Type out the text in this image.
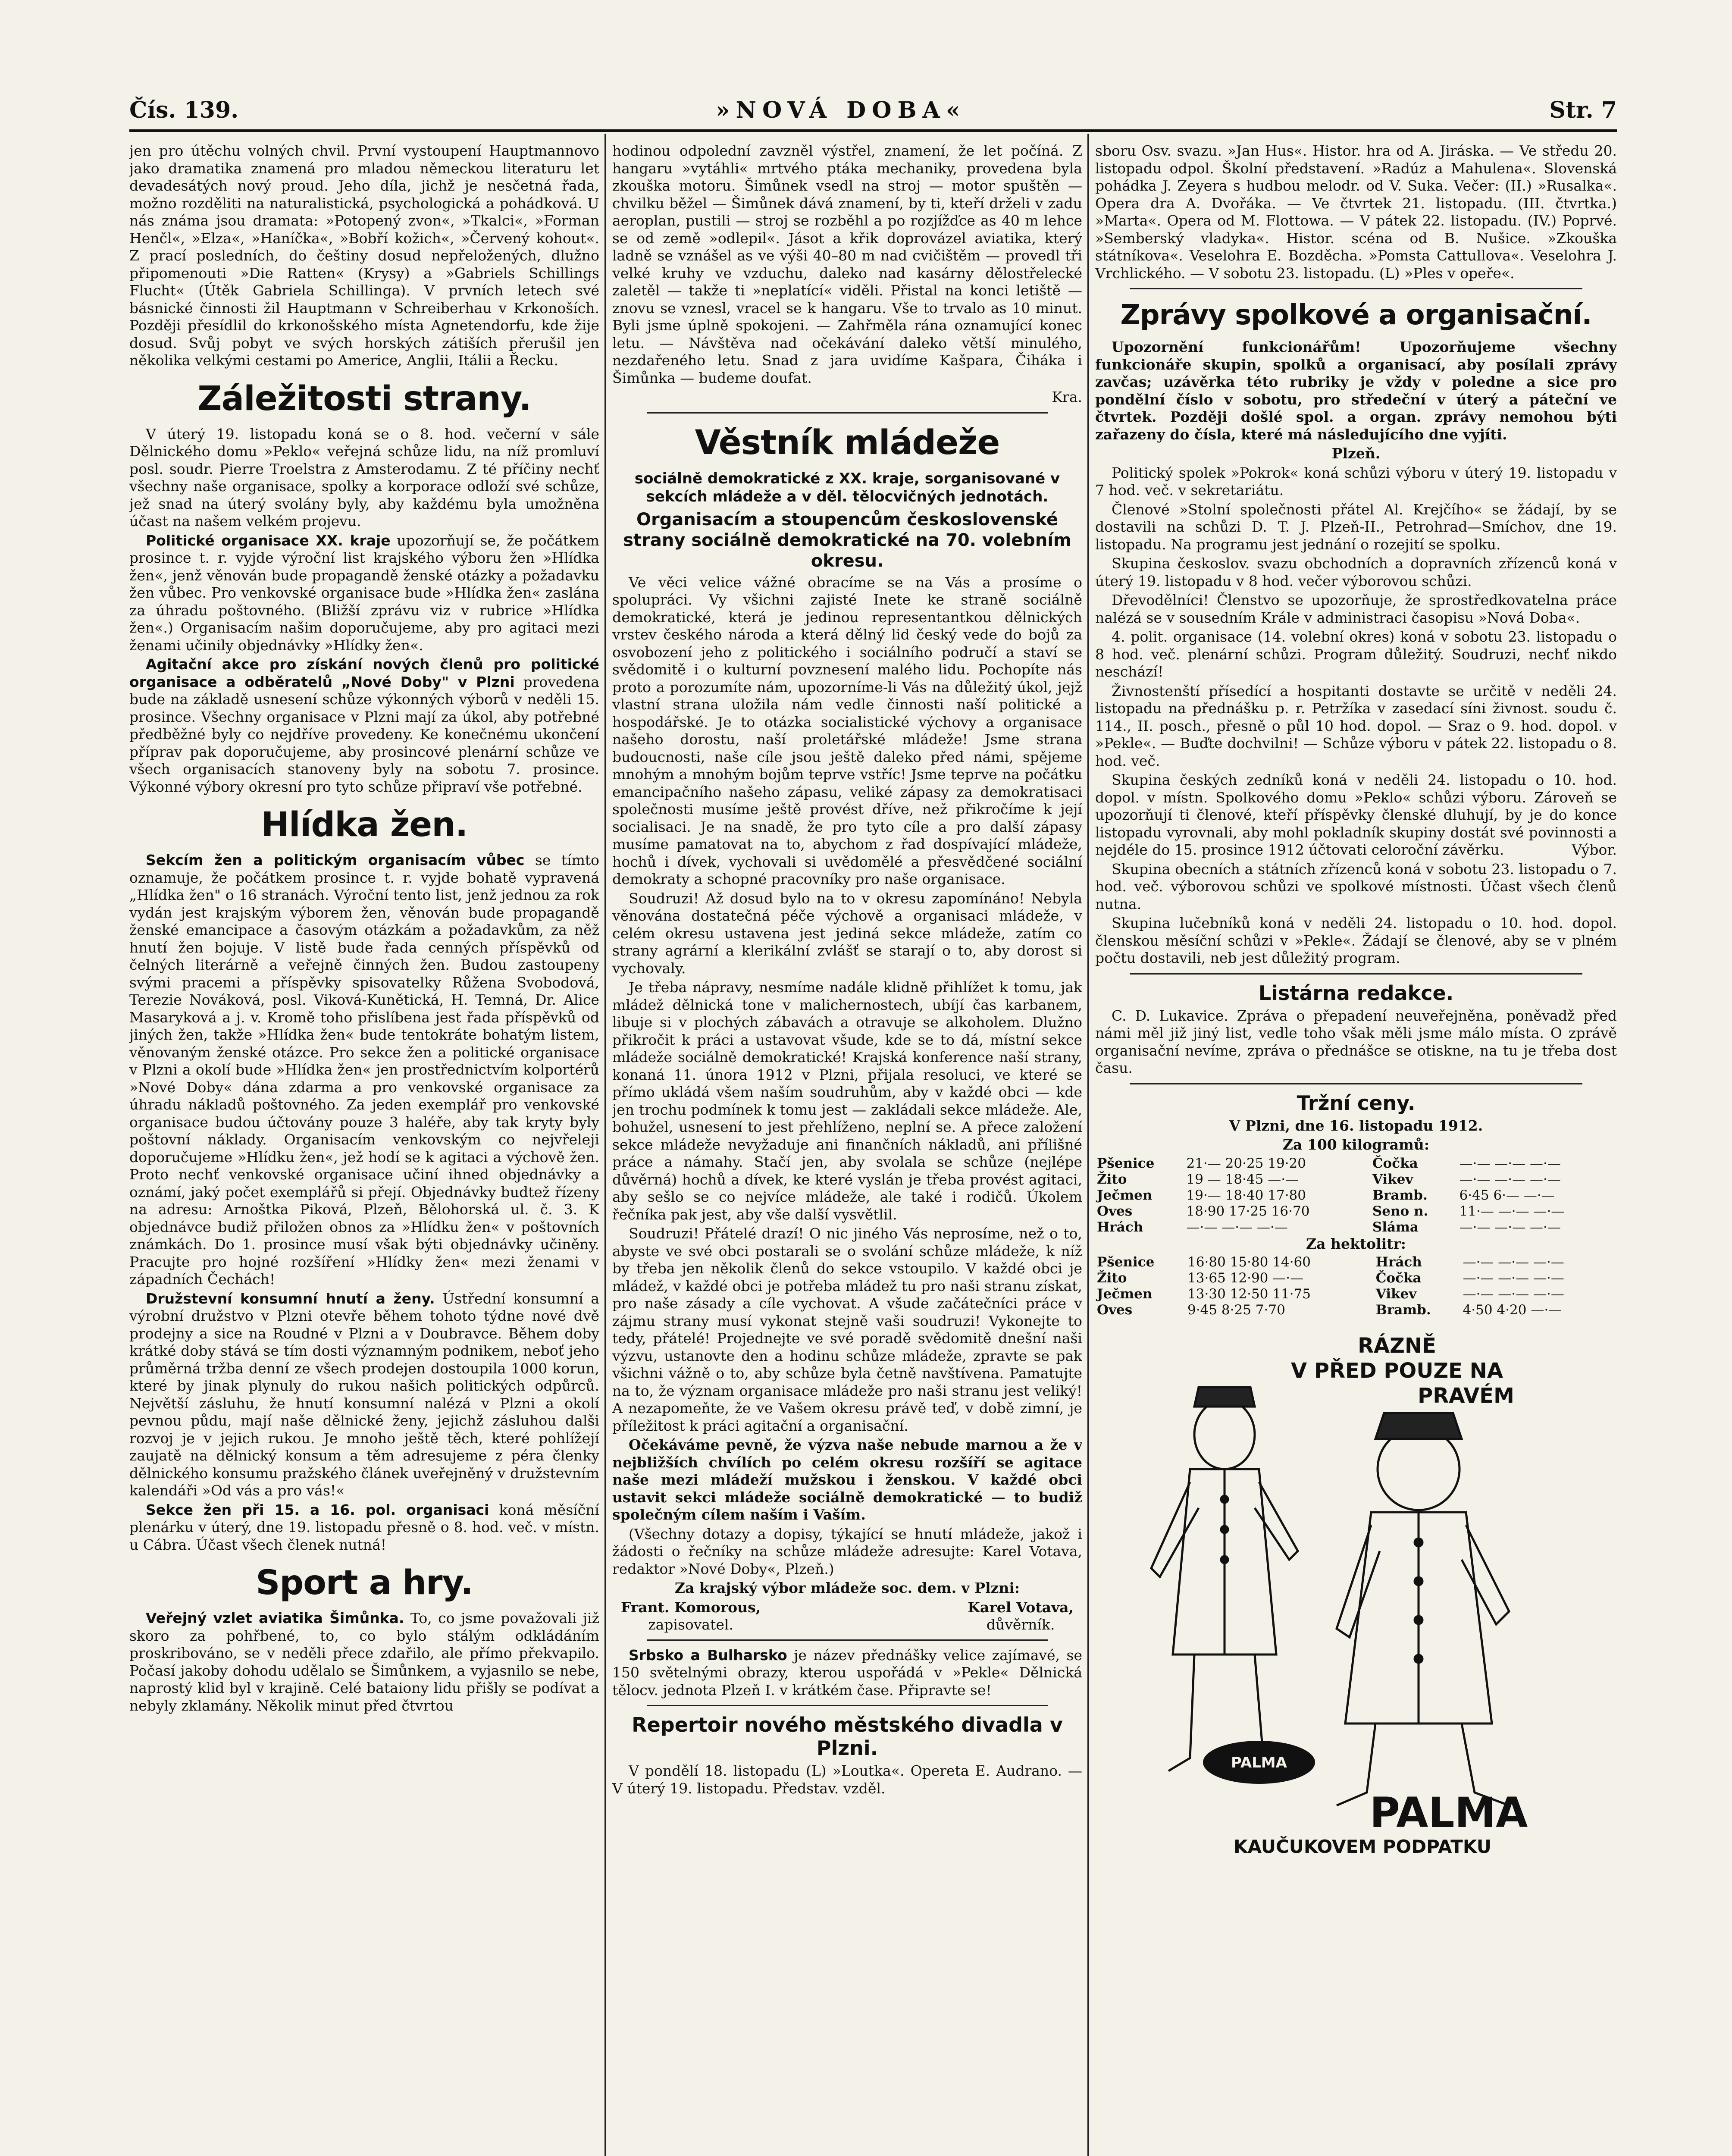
Čís. 139.	»NOVÁ DOBA«	Str. 7

jen pro útěchu volných chvil. První vystoupení Hauptmannovo jako dramatika znamená pro mladou německou literaturu let devadesátých nový proud. Jeho díla, jichž je nesčetná řada, možno rozděliti na naturalistická, psychologická a pohádková. U nás známa jsou dramata: »Potopený zvon«, »Tkalci«, »Forman Henčl«, »Elza«, »Haníčka«, »Bobří kožich«, »Červený kohout«. Z prací posledních, do češtiny dosud nepřeložených, dlužno připomenouti »Die Ratten« (Krysy) a »Gabriels Schillings Flucht« (Útěk Gabriela Schillinga). V prvních letech své básnické činnosti žil Hauptmann v Schreiberhau v Krkonoších. Později přesídlil do krkonošského místa Agnetendorfu, kde žije dosud. Svůj pobyt ve svých horských zátiších přerušil jen několika velkými cestami po Americe, Anglii, Itálii a Řecku.

Záležitosti strany.

V úterý 19. listopadu koná se o 8. hod. večerní v sále Dělnického domu »Peklo« veřejná schůze lidu, na níž promluví posl. soudr. Pierre Troelstra z Amsterodamu. Z té příčiny nechť všechny naše organisace, spolky a korporace odloží své schůze, jež snad na úterý svolány byly, aby každému byla umožněna účast na našem velkém projevu.

Politické organisace XX. kraje upozorňují se, že počátkem prosince t. r. vyjde výroční list krajského výboru žen »Hlídka žen«, jenž věnován bude propagandě ženské otázky a požadavku žen vůbec. Pro venkovské organisace bude »Hlídka žen« zaslána za úhradu poštovného. (Bližší zprávu viz v rubrice »Hlídka žen«.) Organisacím našim doporučujeme, aby pro agitaci mezi ženami učinily objednávky »Hlídky žen«.

Agitační akce pro získání nových členů pro politické organisace a odběratelů „Nové Doby" v Plzni provedena bude na základě usnesení schůze výkonných výborů v neděli 15. prosince. Všechny organisace v Plzni mají za úkol, aby potřebné předběžné byly co nejdříve provedeny. Ke konečnému ukončení příprav pak doporučujeme, aby prosincové plenární schůze ve všech organisacích stanoveny byly na sobotu 7. prosince. Výkonné výbory okresní pro tyto schůze připraví vše potřebné.

Hlídka žen.

Sekcím žen a politickým organisacím vůbec se tímto oznamuje, že počátkem prosince t. r. vyjde bohatě vypravená „Hlídka žen" o 16 stranách. Výroční tento list, jenž jednou za rok vydán jest krajským výborem žen, věnován bude propagandě ženské emancipace a časovým otázkám a požadavkům, za něž hnutí žen bojuje. V listě bude řada cenných příspěvků od čelných literárně a veřejně činných žen. Budou zastoupeny svými pracemi a příspěvky spisovatelky Růžena Svobodová, Terezie Nováková, posl. Viková-Kunětická, H. Temná, Dr. Alice Masaryková a j. v. Kromě toho přislíbena jest řada příspěvků od jiných žen, takže »Hlídka žen« bude tentokráte bohatým listem, věnovaným ženské otázce. Pro sekce žen a politické organisace v Plzni a okolí bude »Hlídka žen« jen prostřednictvím kolportérů »Nové Doby« dána zdarma a pro venkovské organisace za úhradu nákladů poštovného. Za jeden exemplář pro venkovské organisace budou účtovány pouze 3 haléře, aby tak kryty byly poštovní náklady. Organisacím venkovským co nejvřeleji doporučujeme »Hlídku žen«, jež hodí se k agitaci a výchově žen. Proto nechť venkovské organisace učiní ihned objednávky a oznámí, jaký počet exemplářů si přejí. Objednávky budtež řízeny na adresu: Arnoštka Piková, Plzeň, Bělohorská ul. č. 3. K objednávce budiž přiložen obnos za »Hlídku žen« v poštovních známkách. Do 1. prosince musí však býti objednávky učiněny. Pracujte pro hojné rozšíření »Hlídky žen« mezi ženami v západních Čechách!

Družstevní konsumní hnutí a ženy. Ústřední konsumní a výrobní družstvo v Plzni otevře během tohoto týdne nové dvě prodejny a sice na Roudné v Plzni a v Doubravce. Během doby krátké doby stává se tím dosti významným podnikem, neboť jeho průměrná tržba denní ze všech prodejen dostoupila 1000 korun, které by jinak plynuly do rukou našich politických odpůrců. Největší zásluhu, že hnutí konsumní nalézá v Plzni a okolí pevnou půdu, mají naše dělnické ženy, jejichž zásluhou dalši rozvoj je v jejich rukou. Je mnoho ještě těch, které pohlížejí zaujatě na dělnický konsum a těm adresujeme z péra členky dělnického konsumu pražského článek uveřejněný v družstevním kalendáři »Od vás a pro vás!«

Sekce žen při 15. a 16. pol. organisaci koná měsíční plenárku v úterý, dne 19. listopadu přesně o 8. hod. več. v místn. u Cábra. Účast všech členek nutná!

Sport a hry.

Veřejný vzlet aviatika Šimůnka. To, co jsme považovali již skoro za pohřbené, to, co bylo stálým odkládáním proskribováno, se v neděli přece zdařilo, ale přímo překvapilo. Počasí jakoby dohodu udělalo se Šimůnkem, a vyjasnilo se nebe, naprostý klid byl v krajině. Celé bataiony lidu přišly se podívat a nebyly zklamány. Několik minut před čtvrtou

hodinou odpolední zavzněl výstřel, znamení, že let počíná. Z hangaru »vytáhli« mrtvého ptáka mechaniky, provedena byla zkouška motoru. Šimůnek vsedl na stroj — motor spuštěn — chvilku běžel — Šimůnek dává znamení, by ti, kteří drželi v zadu aeroplan, pustili — stroj se rozběhl a po rozjížďce as 40 m lehce se od země »odlepil«. Jásot a křik doprovázel aviatika, který ladně se vznášel as ve výši 40–80 m nad cvičištěm — provedl tři velké kruhy ve vzduchu, daleko nad kasárny dělostřelecké zaletěl — takže ti »neplatící« viděli. Přistal na konci letiště — znovu se vznesl, vracel se k hangaru. Vše to trvalo as 10 minut. Byli jsme úplně spokojeni. — Zahřměla rána oznamující konec letu. — Návštěva nad očekávání daleko větší minulého, nezdařeného letu. Snad z jara uvidíme Kašpara, Čiháka i Šimůnka — budeme doufat.

Kra.

Věstník mládeže
sociálně demokratické z XX. kraje, sorganisované v sekcích mládeže a v děl. tělocvičných jednotách.
Organisacím a stoupencům československé strany sociálně demokratické na 70. volebním okresu.

Ve věci velice vážné obracíme se na Vás a prosíme o spolupráci. Vy všichni zajisté Inete ke straně sociálně demokratické, která je jedinou representantkou dělnických vrstev českého národa a která dělný lid český vede do bojů za osvobození jeho z politického i sociálního područí a staví se svědomitě i o kulturní povznesení malého lidu. Pochopíte nás proto a porozumíte nám, upozorníme-li Vás na důležitý úkol, jejž vlastní strana uložila nám vedle činnosti naší politické a hospodářské. Je to otázka socialistické výchovy a organisace našeho dorostu, naší proletářské mládeže! Jsme strana budoucnosti, naše cíle jsou ještě daleko před námi, spějeme mnohým a mnohým bojům teprve vstříc! Jsme teprve na počátku emancipačního našeho zápasu, veliké zápasy za demokratisaci společnosti musíme ještě provést dříve, než přikročíme k její socialisaci. Je na snadě, že pro tyto cíle a pro další zápasy musíme pamatovat na to, abychom z řad dospívající mládeže, hochů i dívek, vychovali si uvědomělé a přesvědčené sociální demokraty a schopné pracovníky pro naše organisace.

Soudruzi! Až dosud bylo na to v okresu zapomínáno! Nebyla věnována dostatečná péče výchově a organisaci mládeže, v celém okresu ustavena jest jediná sekce mládeže, zatím co strany agrární a klerikální zvlášť se starají o to, aby dorost si vychovaly.

Je třeba nápravy, nesmíme nadále klidně přihlížet k tomu, jak mládež dělnická tone v malichernostech, ubíjí čas karbanem, libuje si v plochých zábavách a otravuje se alkoholem. Dlužno přikročit k práci a ustavovat všude, kde se to dá, místní sekce mládeže sociálně demokratické! Krajská konference naší strany, konaná 11. února 1912 v Plzni, přijala resoluci, ve které se přímo ukládá všem naším soudruhům, aby v každé obci — kde jen trochu podmínek k tomu jest — zakládali sekce mládeže. Ale, bohužel, usnesení to jest přehlíženo, neplní se. A přece založení sekce mládeže nevyžaduje ani finančních nákladů, ani přílišné práce a námahy. Stačí jen, aby svolala se schůze (nejlépe důvěrná) hochů a dívek, ke které vyslán je třeba provést agitaci, aby sešlo se co nejvíce mládeže, ale také i rodičů. Úkolem řečníka pak jest, aby vše další vysvětlil.

Soudruzi! Přátelé drazí! O nic jiného Vás neprosíme, než o to, abyste ve své obci postarali se o svolání schůze mládeže, k níž by třeba jen několik členů do sekce vstoupilo. V každé obci je mládež, v každé obci je potřeba mládež tu pro naši stranu získat, pro naše zásady a cíle vychovat. A všude začátečníci práce v zájmu strany musí vykonat stejně vaši soudruzi! Vykonejte to tedy, přátelé! Projednejte ve své poradě svědomitě dnešní naši výzvu, ustanovte den a hodinu schůze mládeže, zpravte se pak všichni vážně o to, aby schůze byla četně navštívena. Pamatujte na to, že význam organisace mládeže pro naši stranu jest veliký! A nezapomeňte, že ve Vašem okresu právě teď, v době zimní, je příležitost k práci agitační a organisační.

Očekáváme pevně, že výzva naše nebude marnou a že v nejbližších chvílích po celém okresu rozšíří se agitace naše mezi mládeží mužskou i ženskou. V každé obci ustavit sekci mládeže sociálně demokratické — to budiž společným cílem naším i Vaším.

(Všechny dotazy a dopisy, týkající se hnutí mládeže, jakož i žádosti o řečníky na schůze mládeže adresujte: Karel Votava, redaktor »Nové Doby«, Plzeň.)

Za krajský výbor mládeže soc. dem. v Plzni:

Frant. Komorous,
zapisovatel.
Karel Votava,
důvěrník.

Srbsko a Bulharsko je název přednášky velice zajímavé, se 150 světelnými obrazy, kterou uspořádá v »Pekle« Dělnická tělocv. jednota Plzeň I. v krátkém čase. Připravte se!

Repertoir nového městského divadla v Plzni.

V pondělí 18. listopadu (L) »Loutka«. Opereta E. Audrano. — V úterý 19. listopadu. Představ. vzděl.

sboru Osv. svazu. »Jan Hus«. Histor. hra od A. Jiráska. — Ve středu 20. listopadu odpol. Školní představení. »Radúz a Mahulena«. Slovenská pohádka J. Zeyera s hudbou melodr. od V. Suka. Večer: (II.) »Rusalka«. Opera dra A. Dvořáka. — Ve čtvrtek 21. listopadu. (III. čtvrtka.) »Marta«. Opera od M. Flottowa. — V pátek 22. listopadu. (IV.) Poprvé. »Semberský vladyka«. Histor. scéna od B. Nušice. »Zkouška státníkova«. Veselohra E. Bozděcha. »Pomsta Cattullova«. Veselohra J. Vrchlického. — V sobotu 23. listopadu. (L) »Ples v opeře«.

Zprávy spolkové a organisační.

Upozornění funkcionářům! Upozorňujeme všechny funkcionáře skupin, spolků a organisací, aby posílali zprávy zavčas; uzávěrka této rubriky je vždy v poledne a sice pro pondělní číslo v sobotu, pro středeční v úterý a páteční ve čtvrtek. Později došlé spol. a organ. zprávy nemohou býti zařazeny do čísla, které má následujícího dne vyjíti.

Plzeň.

Politický spolek »Pokrok« koná schůzi výboru v úterý 19. listopadu v 7 hod. več. v sekretariátu.

Členové »Stolní společnosti přátel Al. Krejčího« se žádají, by se dostavili na schůzi D. T. J. Plzeň-II., Petrohrad—Smíchov, dne 19. listopadu. Na programu jest jednání o rozejití se spolku.

Skupina českoslov. svazu obchodních a dopravních zřízenců koná v úterý 19. listopadu v 8 hod. večer výborovou schůzi.

Dřevodělníci! Členstvo se upozorňuje, že sprostředkovatelna práce nalézá se v sousedním Krále v administraci časopisu »Nová Doba«.

4. polit. organisace (14. volební okres) koná v sobotu 23. listopadu o 8 hod. več. plenární schůzi. Program důležitý. Soudruzi, nechť nikdo neschází!

Živnostenští přísedící a hospitanti dostavte se určitě v neděli 24. listopadu na přednášku p. r. Petržíka v zasedací síni živnost. soudu č. 114., II. posch., přesně o půl 10 hod. dopol. — Sraz o 9. hod. dopol. v »Pekle«. — Buďte dochvilni! — Schůze výboru v pátek 22. listopadu o 8. hod. več.

Skupina českých zedníků koná v neděli 24. listopadu o 10. hod. dopol. v místn. Spolkového domu »Peklo« schůzi výboru. Zároveň se upozorňují ti členové, kteří příspěvky členské dluhují, by je do konce listopadu vyrovnali, aby mohl pokladník skupiny dostát své povinnosti a nejdéle do 15. prosince 1912 účtovati celoroční závěrku.	Výbor.

Skupina obecních a státních zřízenců koná v sobotu 23. listopadu o 7. hod. več. výborovou schůzi ve spolkové místnosti. Účast všech členů nutna.

Skupina lučebníků koná v neděli 24. listopadu o 10. hod. dopol. členskou měsíční schůzi v »Pekle«. Žádají se členové, aby se v plném počtu dostavili, neb jest důležitý program.

Listárna redakce.

C. D. Lukavice. Zpráva o přepadení neuveřejněna, poněvadž před námi měl již jiný list, vedle toho však měli jsme málo místa. O zprávě organisační nevíme, zpráva o přednášce se otiskne, na tu je třeba dost času.

Tržní ceny.

V Plzni, dne 16. listopadu 1912.

Za 100 kilogramů:

Pšenice	21·— 20·25 19·20	Čočka	—·— —·— —·—
Žito	19 — 18·45 —·—	Vikev	—·— —·— —·—
Ječmen	19·— 18·40 17·80	Bramb.	6·45 6·— —·—
Oves	18·90 17·25 16·70	Seno n.	11·— —·— —·—
Hrách	—·— —·— —·—	Sláma	—·— —·— —·—

Za hektolitr:

Pšenice	16·80 15·80 14·60	Hrách	—·— —·— —·—
Žito	13·65 12·90 —·—	Čočka	—·— —·— —·—
Ječmen	13·30 12·50 11·75	Vikev	—·— —·— —·—
Oves	9·45 8·25 7·70	Bramb.	4·50 4·20 —·—
PALMA
RÁZNĚ
V PŘED POUZE NA
PRAVÉM
PALMA
KAUČUKOVEM PODPATKU
